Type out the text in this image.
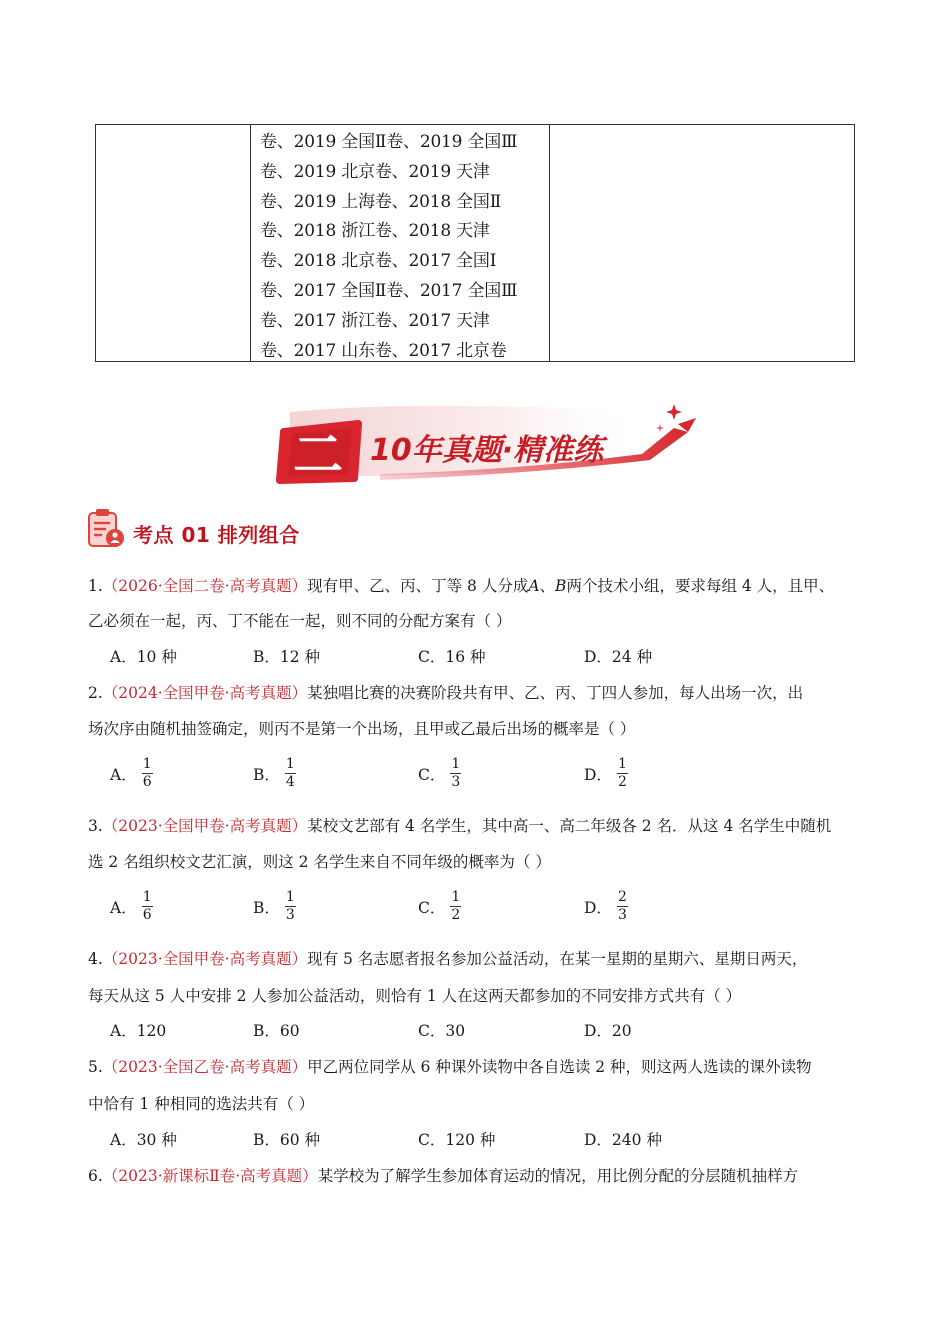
卷、2019 全国Ⅱ卷、2019 全国Ⅲ
卷、2019 北京卷、2019 天津
卷、2019 上海卷、2018 全国Ⅱ
卷、2018 浙江卷、2018 天津
卷、2018 北京卷、2017 全国Ⅰ
卷、2017 全国Ⅱ卷、2017 全国Ⅲ
卷、2017 浙江卷、2017 天津
卷、2017 山东卷、2017 北京卷
二 10年真题·精准练
考点 01 排列组合
1.（2026·全国二卷·高考真题）现有甲、乙、丙、丁等 8 人分成A、B两个技术小组，要求每组 4 人，且甲、
乙必须在一起，丙、丁不能在一起，则不同的分配方案有（ ）
A．10 种	B．12 种	C．16 种	D．24 种
2.（2024·全国甲卷·高考真题）某独唱比赛的决赛阶段共有甲、乙、丙、丁四人参加，每人出场一次，出
场次序由随机抽签确定，则丙不是第一个出场，且甲或乙最后出场的概率是（ ）
A． $\frac{1}{6}$	B． $\frac{1}{4}$	C． $\frac{1}{3}$	D． $\frac{1}{2}$
3.（2023·全国甲卷·高考真题）某校文艺部有 4 名学生，其中高一、高二年级各 2 名．从这 4 名学生中随机
选 2 名组织校文艺汇演，则这 2 名学生来自不同年级的概率为（ ）
A． $\frac{1}{6}$	B． $\frac{1}{3}$	C． $\frac{1}{2}$	D． $\frac{2}{3}$
4.（2023·全国甲卷·高考真题）现有 5 名志愿者报名参加公益活动，在某一星期的星期六、星期日两天，
每天从这 5 人中安排 2 人参加公益活动，则恰有 1 人在这两天都参加的不同安排方式共有（ ）
A．120	B．60	C．30	D．20
5.（2023·全国乙卷·高考真题）甲乙两位同学从 6 种课外读物中各自选读 2 种，则这两人选读的课外读物
中恰有 1 种相同的选法共有（ ）
A．30 种	B．60 种	C．120 种	D．240 种
6.（2023·新课标Ⅱ卷·高考真题）某学校为了解学生参加体育运动的情况，用比例分配的分层随机抽样方
